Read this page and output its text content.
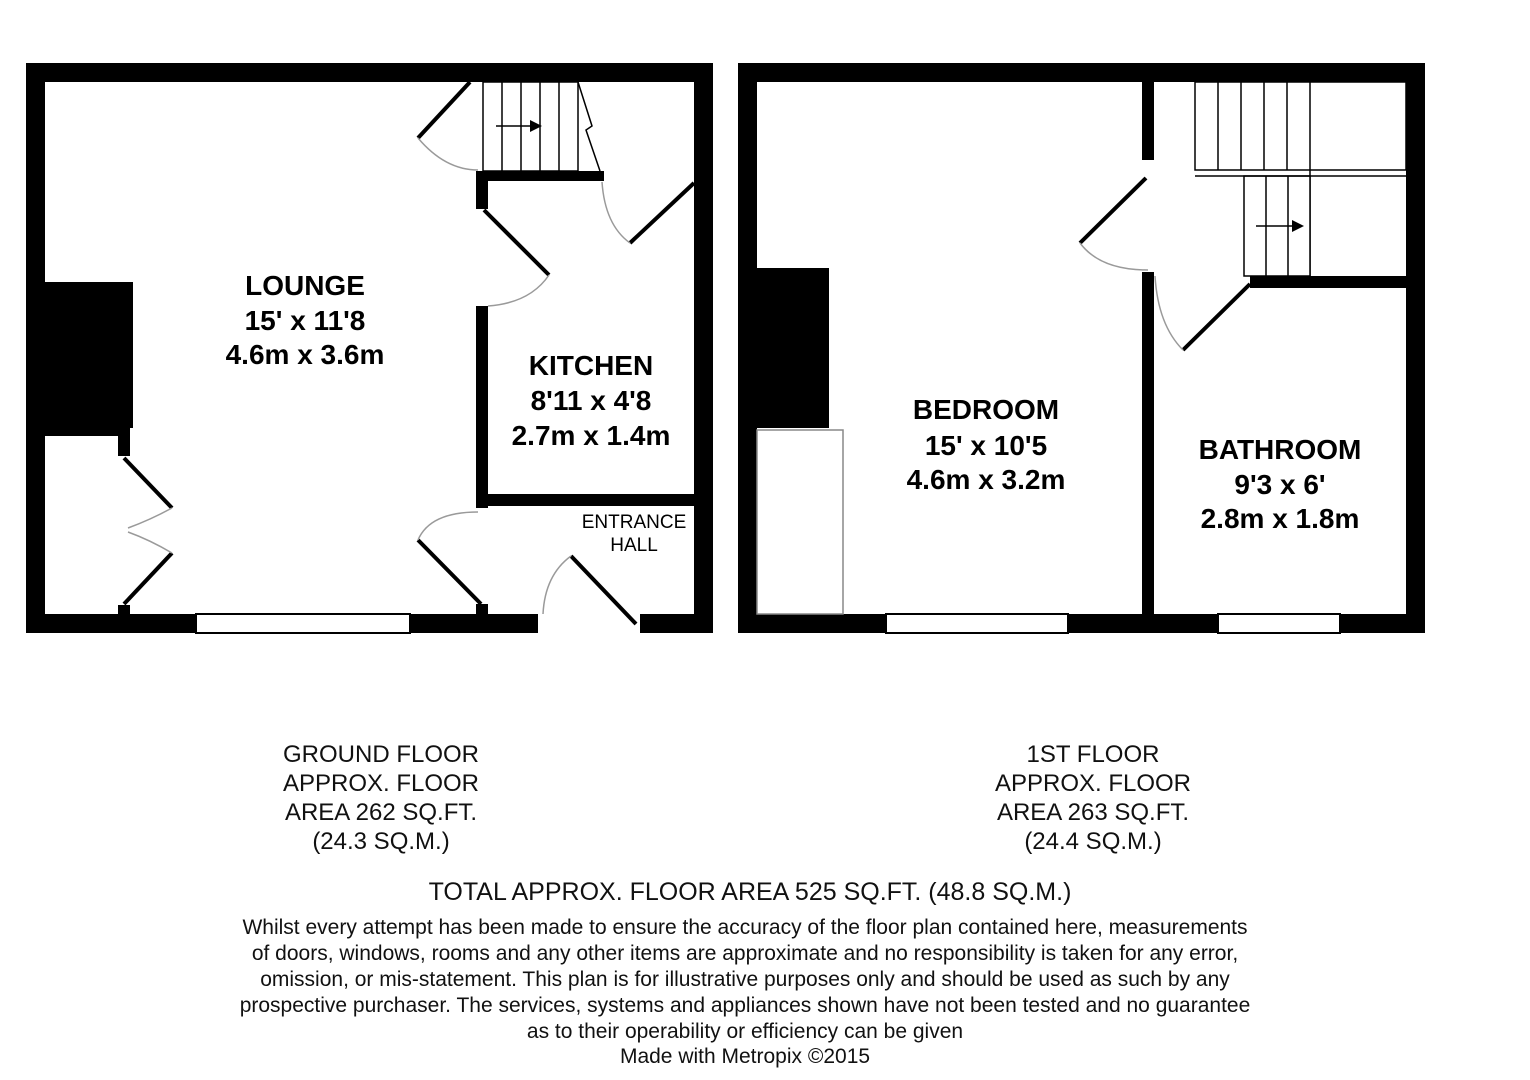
LOUNGE
15' x 11'8
4.6m x 3.6m	KITCHEN
8'11 x 4'8
2.7m x 1.4m
ENTRANCE
HALL
BEDROOM
15' x 10'5
4.6m x 3.2m
BATHROOM
9'3 x 6'
2.8m x 1.8m
GROUND FLOOR
APPROX. FLOOR
AREA 262 SQ.FT.
(24.3 SQ.M.)
1ST FLOOR
APPROX. FLOOR
AREA 263 SQ.FT.
(24.4 SQ.M.)
TOTAL APPROX. FLOOR AREA 525 SQ.FT. (48.8 SQ.M.)
Whilst every attempt has been made to ensure the accuracy of the floor plan contained here, measurements
of doors, windows, rooms and any other items are approximate and no responsibility is taken for any error,
omission, or mis-statement. This plan is for illustrative purposes only and should be used as such by any
prospective purchaser. The services, systems and appliances shown have not been tested and no guarantee
as to their operability or efficiency can be given
Made with Metropix ©2015
